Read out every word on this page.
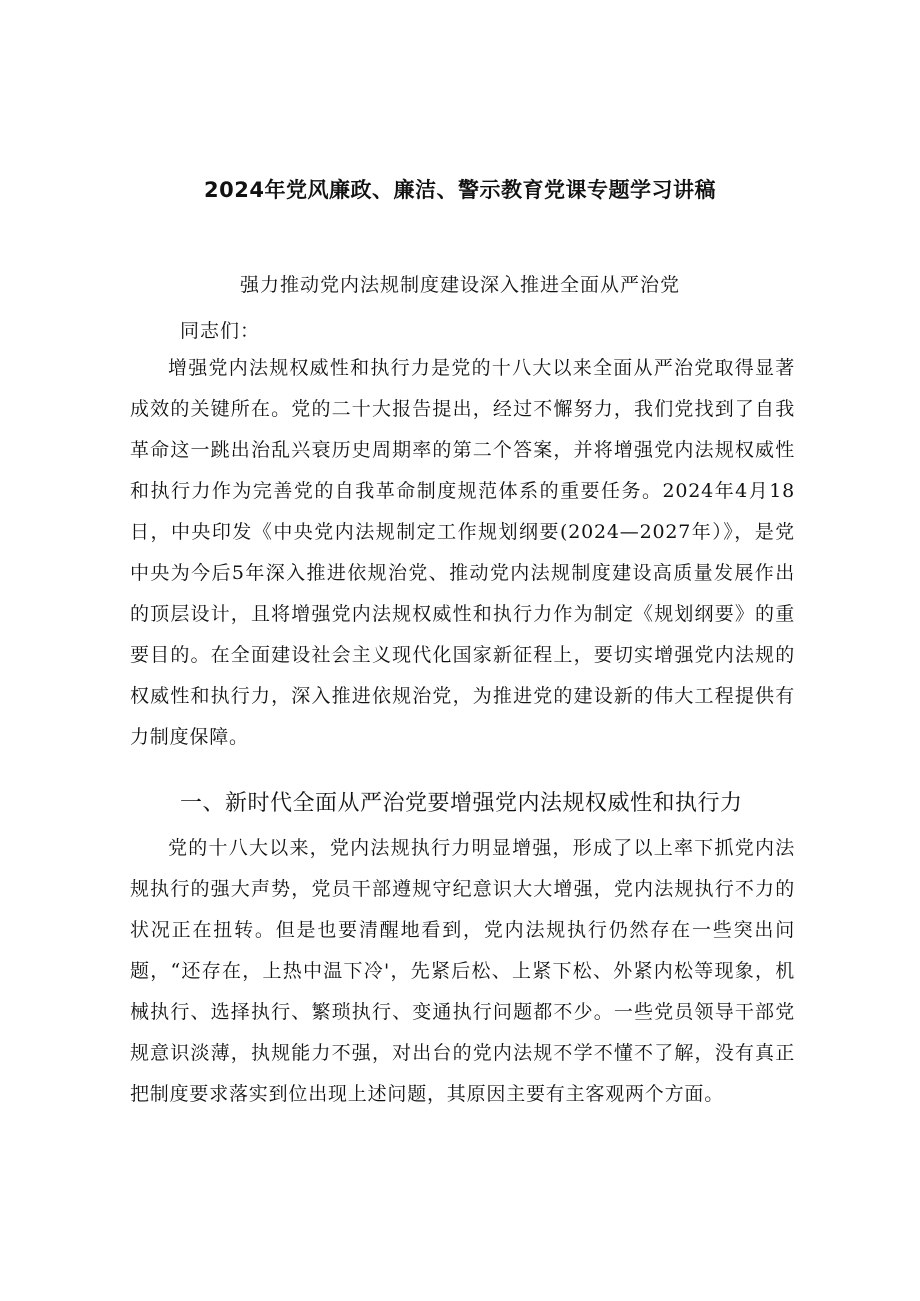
2024年党风廉政、廉洁、警示教育党课专题学习讲稿
强力推动党内法规制度建设深入推进全面从严治党
同志们：

增强党内法规权威性和执行力是党的十八大以来全面从严治党取得显著成效的关键所在。党的二十大报告提出，经过不懈努力，我们党找到了自我革命这一跳出治乱兴衰历史周期率的第二个答案，并将增强党内法规权威性和执行力作为完善党的自我革命制度规范体系的重要任务。2024年4月18日，中央印发《中央党内法规制定工作规划纲要(2024—2027年）》，是党中央为今后5年深入推进依规治党、推动党内法规制度建设高质量发展作出的顶层设计，且将增强党内法规权威性和执行力作为制定《规划纲要》的重要目的。在全面建设社会主义现代化国家新征程上，要切实增强党内法规的权威性和执行力，深入推进依规治党，为推进党的建设新的伟大工程提供有力制度保障。

一、新时代全面从严治党要增强党内法规权威性和执行力

党的十八大以来，党内法规执行力明显增强，形成了以上率下抓党内法规执行的强大声势，党员干部遵规守纪意识大大增强，党内法规执行不力的状况正在扭转。但是也要清醒地看到，党内法规执行仍然存在一些突出问题，“还存在，上热中温下冷'，先紧后松、上紧下松、外紧内松等现象，机械执行、选择执行、繁琐执行、变通执行问题都不少。一些党员领导干部党规意识淡薄，执规能力不强，对出台的党内法规不学不懂不了解，没有真正把制度要求落实到位出现上述问题，其原因主要有主客观两个方面。
